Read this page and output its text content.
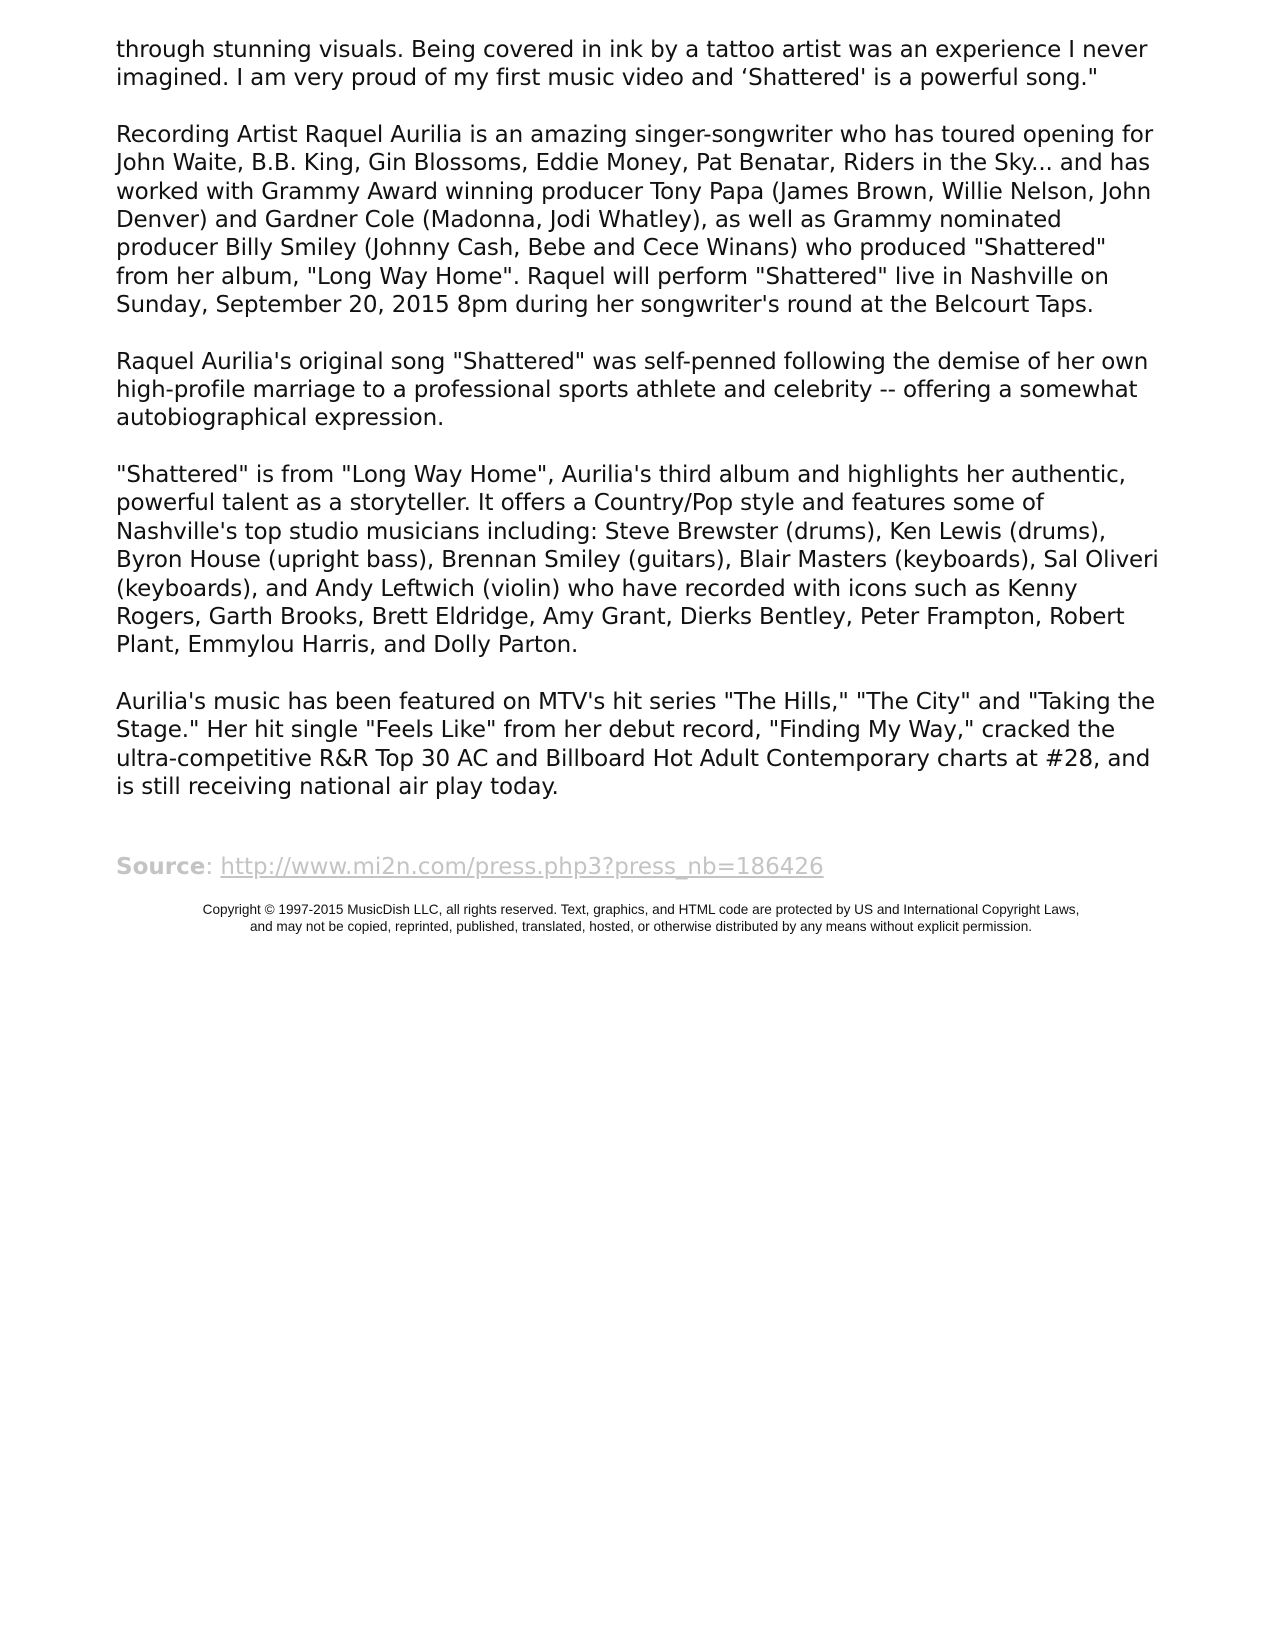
through stunning visuals. Being covered in ink by a tattoo artist was an experience I never imagined. I am very proud of my first music video and ‘Shattered' is a powerful song."

Recording Artist Raquel Aurilia is an amazing singer-songwriter who has toured opening for John Waite, B.B. King, Gin Blossoms, Eddie Money, Pat Benatar, Riders in the Sky... and has worked with Grammy Award winning producer Tony Papa (James Brown, Willie Nelson, John Denver) and Gardner Cole (Madonna, Jodi Whatley), as well as Grammy nominated producer Billy Smiley (Johnny Cash, Bebe and Cece Winans) who produced "Shattered" from her album, "Long Way Home". Raquel will perform "Shattered" live in Nashville on Sunday, September 20, 2015 8pm during her songwriter's round at the Belcourt Taps.

Raquel Aurilia's original song "Shattered" was self-penned following the demise of her own high-profile marriage to a professional sports athlete and celebrity -- offering a somewhat autobiographical expression.

"Shattered" is from "Long Way Home", Aurilia's third album and highlights her authentic, powerful talent as a storyteller. It offers a Country/Pop style and features some of Nashville's top studio musicians including: Steve Brewster (drums), Ken Lewis (drums), Byron House (upright bass), Brennan Smiley (guitars), Blair Masters (keyboards), Sal Oliveri (keyboards), and Andy Leftwich (violin) who have recorded with icons such as Kenny Rogers, Garth Brooks, Brett Eldridge, Amy Grant, Dierks Bentley, Peter Frampton, Robert Plant, Emmylou Harris, and Dolly Parton.

Aurilia's music has been featured on MTV's hit series "The Hills," "The City" and "Taking the Stage." Her hit single "Feels Like" from her debut record, "Finding My Way," cracked the ultra-competitive R&R Top 30 AC and Billboard Hot Adult Contemporary charts at #28, and is still receiving national air play today.

Source: http://www.mi2n.com/press.php3?press_nb=186426
Copyright © 1997-2015 MusicDish LLC, all rights reserved. Text, graphics, and HTML code are protected by US and International Copyright Laws,
and may not be copied, reprinted, published, translated, hosted, or otherwise distributed by any means without explicit permission.
